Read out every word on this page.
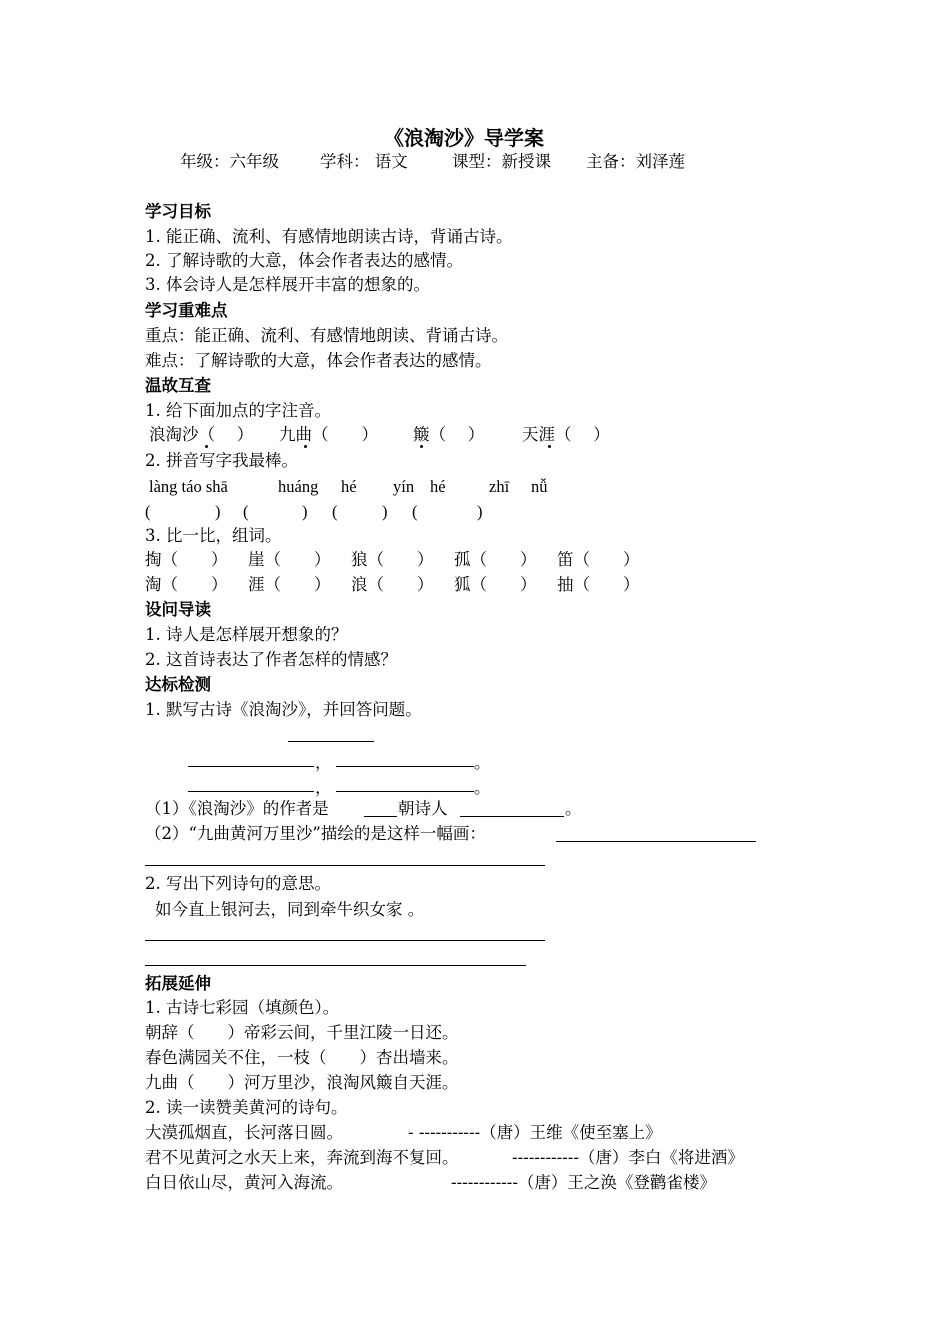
《浪淘沙》导学案
年级：六年级 学科： 语文	课型：新授课 主备：刘泽莲
学习目标
1. 能正确、流利、有感情地朗读古诗，背诵古诗。
2. 了解诗歌的大意，体会作者表达的感情。
3. 体会诗人是怎样展开丰富的想象的。
学习重难点
重点：能正确、流利、有感情地朗读、背诵古诗。
难点：了解诗歌的大意，体会作者表达的感情。
温故互查
1. 给下面加点的字注音。
浪淘沙（　 ） 九曲（　　） 簸（　 ） 天涯（　 ）
2. 拼音写字我最棒。
làng táo shā	huáng hé yín hé	zhī nǚ
(	) (	) (	) (	)
3. 比一比，组词。
掏（　　） 崖（　　） 狼（　　） 孤（　　） 笛（　　）
淘（　　） 涯（　　） 浪（　　） 狐（　　） 抽（　　）
设问导读
1. 诗人是怎样展开想象的？
2. 这首诗表达了作者怎样的情感？
达标检测
1. 默写古诗《浪淘沙》，并回答问题。
，	。
，	。
（1）《浪淘沙》的作者是	朝诗人	。
（2）“九曲黄河万里沙”描绘的是这样一幅画：
2. 写出下列诗句的意思。
如今直上银河去，同到牵牛织女家 。
拓展延伸
1. 古诗七彩园（填颜色）。
朝辞（　　）帝彩云间，千里江陵一日还。
春色满园关不住，一枝（　　）杏出墙来。
九曲（　　）河万里沙，浪淘风簸自天涯。
2. 读一读赞美黄河的诗句。
大漠孤烟直，长河落日圆。	- -----------（唐）王维《使至塞上》
君不见黄河之水天上来，奔流到海不复回。	------------（唐）李白《将进酒》
白日依山尽，黄河入海流。	------------（唐）王之涣《登鹳雀楼》
